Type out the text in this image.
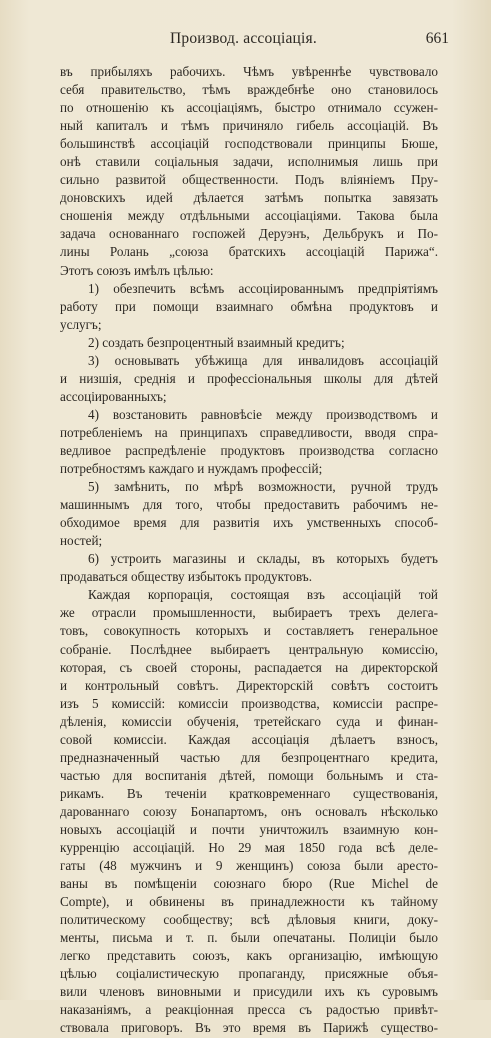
Производ. ассоціація.	661
въ прибыляхъ рабочихъ. Чѣмъ увѣреннѣе чувствовало
себя правительство, тѣмъ враждебнѣе оно становилось
по отношенію къ ассоціаціямъ, быстро отнимало ссужен-
ный капиталъ и тѣмъ причиняло гибель ассоціацій. Въ
большинствѣ ассоціацій господствовали принципы Бюше,
онѣ ставили соціальныя задачи, исполнимыя лишь при
сильно развитой общественности. Подъ вліяніемъ Пру-
доновскихъ идей дѣлается затѣмъ попытка завязать
сношенія между отдѣльными ассоціаціями. Такова была
задача основаннаго госпожей Деруэнъ, Дельбрукъ и По-
лины Ролань „союза братскихъ ассоціацій Парижа“.
Этотъ союзъ имѣлъ цѣлью:
1) обезпечить всѣмъ ассоціированнымъ предпріятіямъ
работу при помощи взаимнаго обмѣна продуктовъ и
услугъ;
2) создать безпроцентный взаимный кредитъ;
3) основывать убѣжища для инвалидовъ ассоціацій
и низшія, среднія и профессіональныя школы для дѣтей
ассоціированныхъ;
4) возстановить равновѣсіе между производствомъ и
потребленіемъ на принципахъ справедливости, вводя спра-
ведливое распредѣленіе продуктовъ производства согласно
потребностямъ каждаго и нуждамъ профессій;
5) замѣнить, по мѣрѣ возможности, ручной трудъ
машиннымъ для того, чтобы предоставить рабочимъ не-
обходимое время для развитія ихъ умственныхъ способ-
ностей;
6) устроить магазины и склады, въ которыхъ будетъ
продаваться обществу избытокъ продуктовъ.
Каждая корпорація, состоящая взъ ассоціацій той
же отрасли промышленности, выбираетъ трехъ делега-
товъ, совокупность которыхъ и составляетъ генеральное
собраніе. Послѣднее выбираетъ центральную комиссію,
которая, съ своей стороны, распадается на директорской
и контрольный совѣтъ. Директорскій совѣтъ состоитъ
изъ 5 комиссій: комиссіи производства, комиссіи распре-
дѣленія, комиссіи обученія, третейскаго суда и финан-
совой комиссіи. Каждая ассоціація дѣлаетъ взносъ,
предназначенный частью для безпроцентнаго кредита,
частью для воспитанія дѣтей, помощи больнымъ и ста-
рикамъ. Въ теченіи кратковременнаго существованія,
дарованнаго союзу Бонапартомъ, онъ основалъ нѣсколько
новыхъ ассоціацій и почти уничтожилъ взаимную кон-
курренцію ассоціацій. Но 29 мая 1850 года всѣ деле-
гаты (48 мужчинъ и 9 женщинъ) союза были аресто-
ваны въ помѣщеніи союзнаго бюро (Rue Michel de
Compte), и обвинены въ принадлежности къ тайному
политическому сообществу; всѣ дѣловыя книги, доку-
менты, письма и т. п. были опечатаны. Полиціи было
легко представить союзъ, какъ организацію, имѣющую
цѣлью соціалистическую пропаганду, присяжные объя-
вили членовъ виновными и присудили ихъ къ суровымъ
наказаніямъ, а реакціонная пресса съ радостью привѣт-
ствовала приговоръ. Въ это время въ Парижѣ существо-
